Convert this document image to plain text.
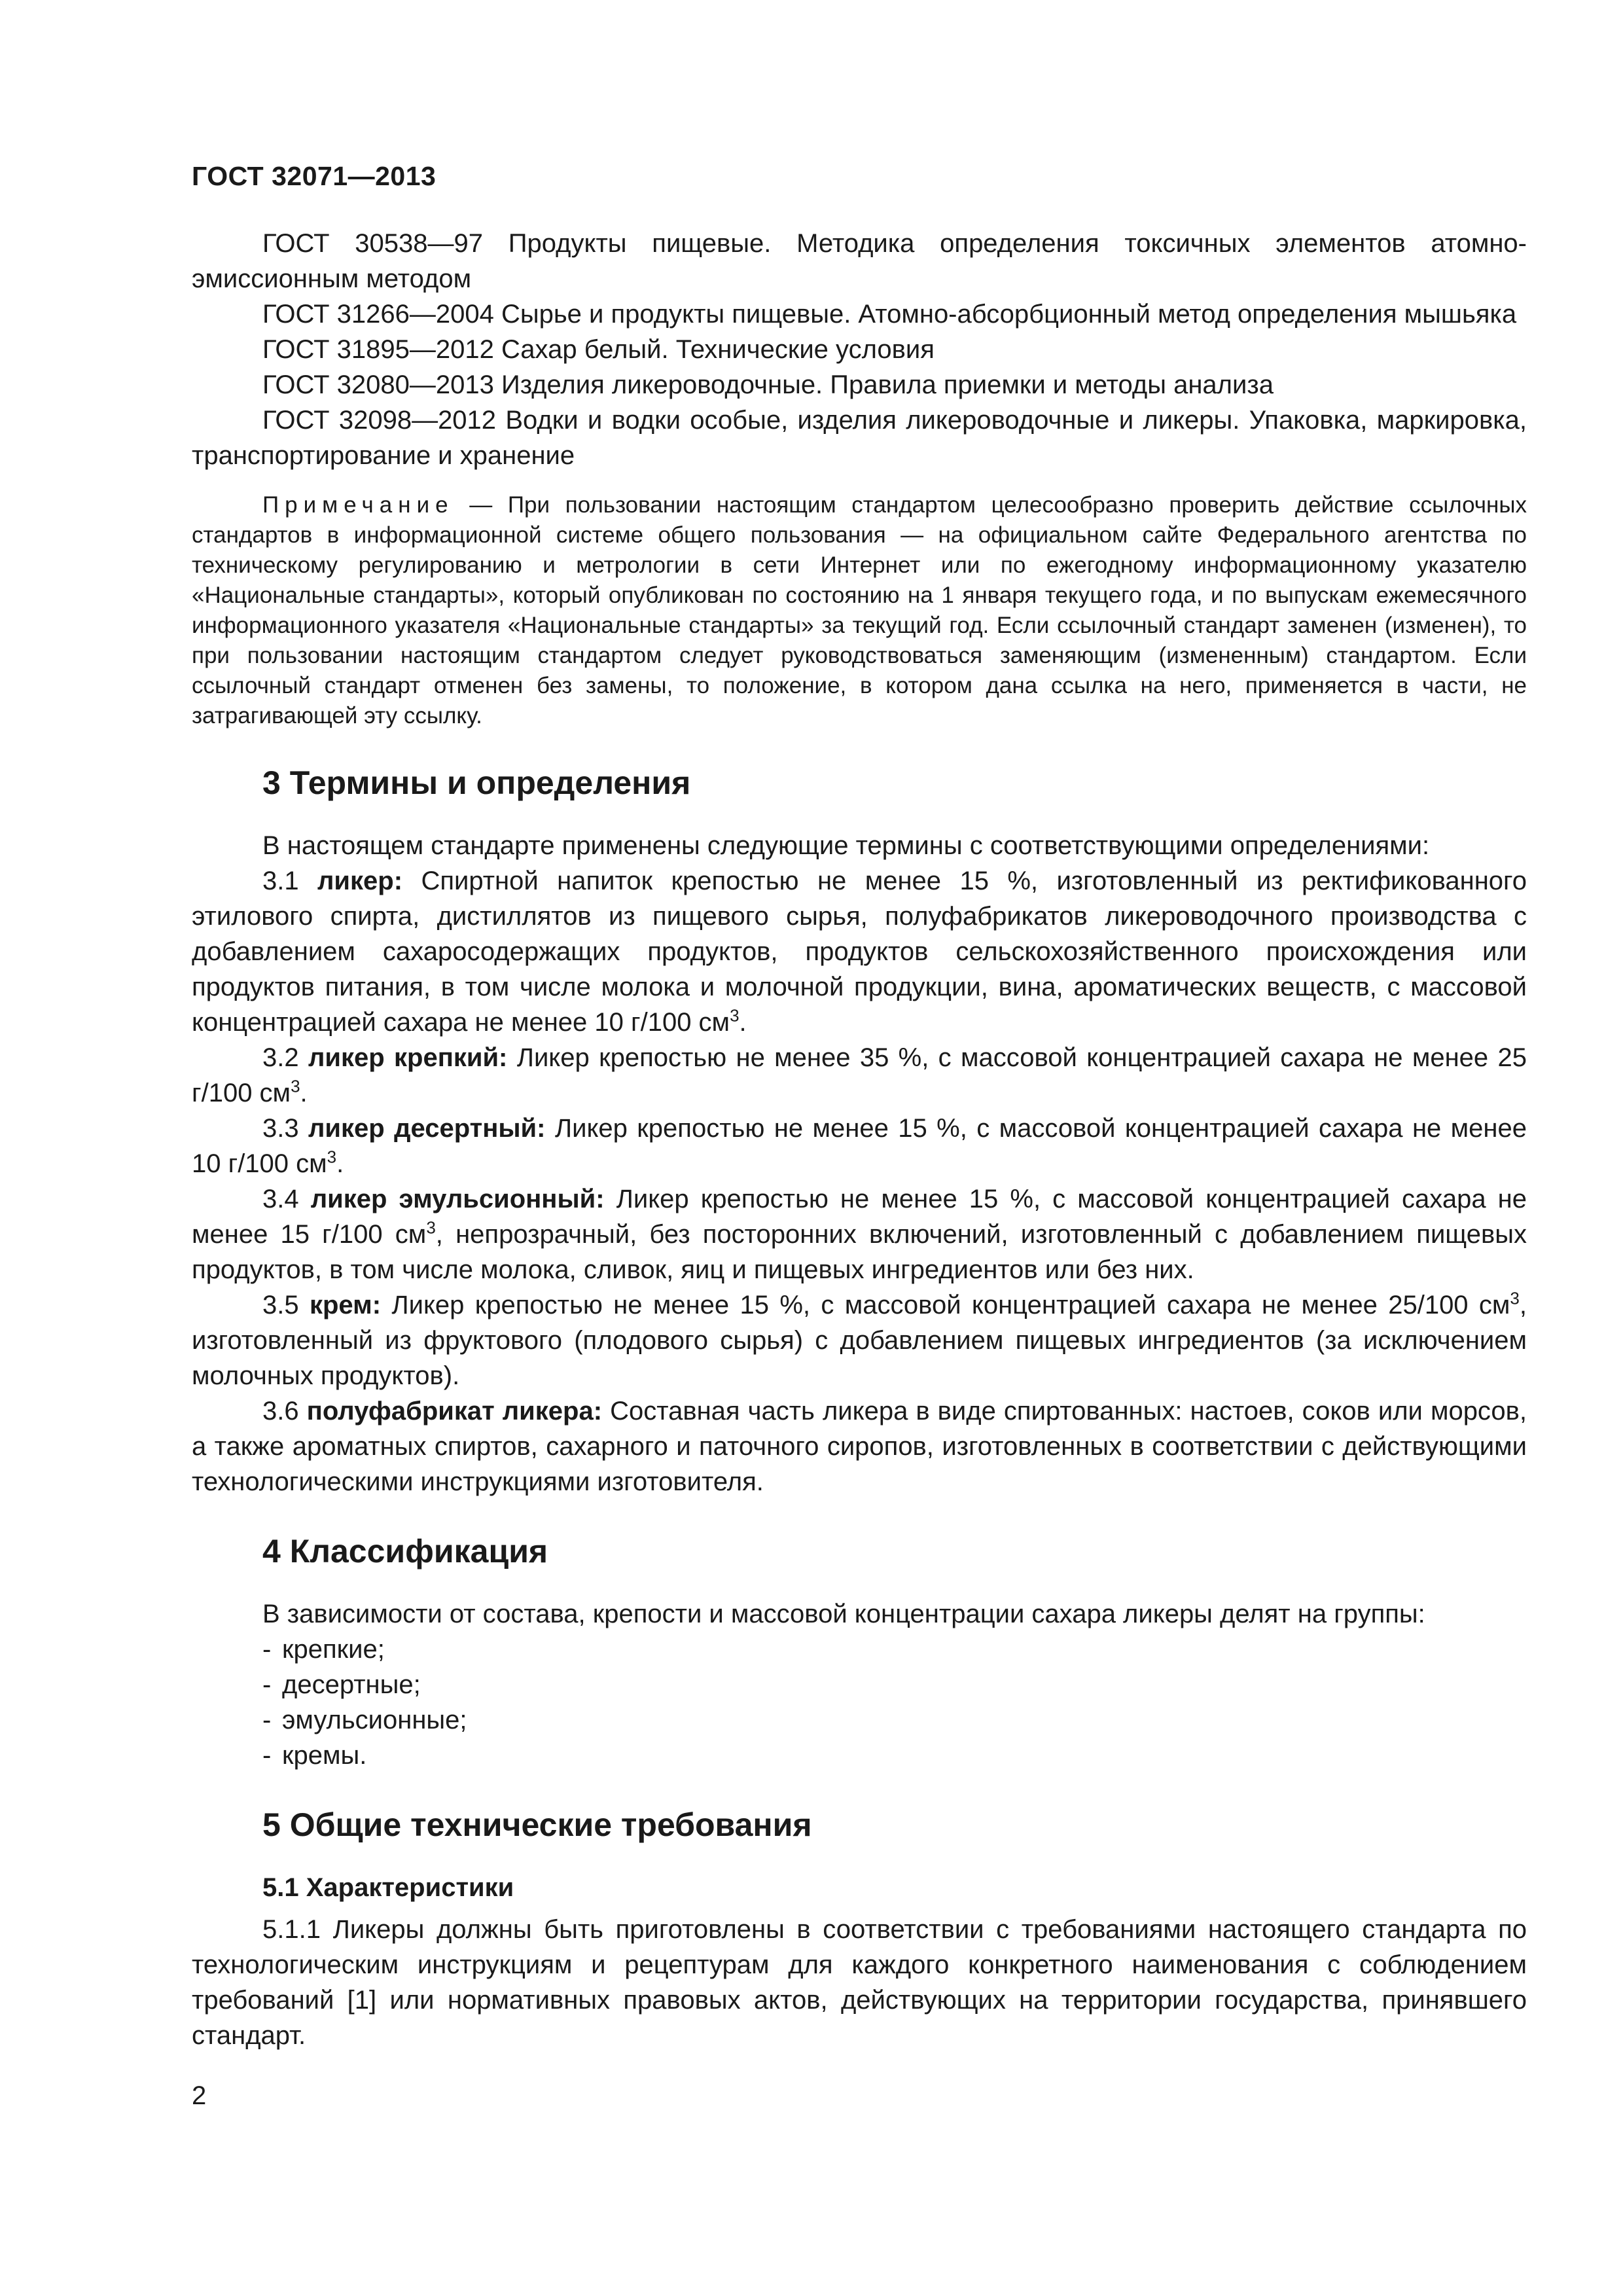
ГОСТ 32071—2013

ГОСТ 30538—97 Продукты пищевые. Методика определения токсичных элементов атомно-эмиссионным методом

ГОСТ 31266—2004 Сырье и продукты пищевые. Атомно-абсорбционный метод определения мышьяка

ГОСТ 31895—2012 Сахар белый. Технические условия

ГОСТ 32080—2013 Изделия ликероводочные. Правила приемки и методы анализа

ГОСТ 32098—2012 Водки и водки особые, изделия ликероводочные и ликеры. Упаковка, маркировка, транспортирование и хранение

Примечание — При пользовании настоящим стандартом целесообразно проверить действие ссылочных стандартов в информационной системе общего пользования — на официальном сайте Федерального агентства по техническому регулированию и метрологии в сети Интернет или по ежегодному информационному указателю «Национальные стандарты», который опубликован по состоянию на 1 января текущего года, и по выпускам ежемесячного информационного указателя «Национальные стандарты» за текущий год. Если ссылочный стандарт заменен (изменен), то при пользовании настоящим стандартом следует руководствоваться заменяющим (измененным) стандартом. Если ссылочный стандарт отменен без замены, то положение, в котором дана ссылка на него, применяется в части, не затрагивающей эту ссылку.

3 Термины и определения

В настоящем стандарте применены следующие термины с соответствующими определениями:

3.1 ликер: Спиртной напиток крепостью не менее 15 %, изготовленный из ректификованного этилового спирта, дистиллятов из пищевого сырья, полуфабрикатов ликероводочного производства с добавлением сахаросодержащих продуктов, продуктов сельскохозяйственного происхождения или продуктов питания, в том числе молока и молочной продукции, вина, ароматических веществ, с массовой концентрацией сахара не менее 10 г/100 $см^3$.

3.2 ликер крепкий: Ликер крепостью не менее 35 %, с массовой концентрацией сахара не менее 25 г/100 $см^3$.

3.3 ликер десертный: Ликер крепостью не менее 15 %, с массовой концентрацией сахара не менее 10 г/100 $см^3$.

3.4 ликер эмульсионный: Ликер крепостью не менее 15 %, с массовой концентрацией сахара не менее 15 г/100 $см^3$, непрозрачный, без посторонних включений, изготовленный с добавлением пищевых продуктов, в том числе молока, сливок, яиц и пищевых ингредиентов или без них.

3.5 крем: Ликер крепостью не менее 15 %, с массовой концентрацией сахара не менее 25/100 $см^3$, изготовленный из фруктового (плодового сырья) с добавлением пищевых ингредиентов (за исключением молочных продуктов).

3.6 полуфабрикат ликера: Составная часть ликера в виде спиртованных: настоев, соков или морсов, а также ароматных спиртов, сахарного и паточного сиропов, изготовленных в соответствии с действующими технологическими инструкциями изготовителя.

4 Классификация

В зависимости от состава, крепости и массовой концентрации сахара ликеры делят на группы:

- крепкие;
- десертные;
- эмульсионные;
- кремы.
5 Общие технические требования
5.1 Характеристики

5.1.1 Ликеры должны быть приготовлены в соответствии с требованиями настоящего стандарта по технологическим инструкциям и рецептурам для каждого конкретного наименования с соблюдением требований [1] или нормативных правовых актов, действующих на территории государства, принявшего стандарт.

2
